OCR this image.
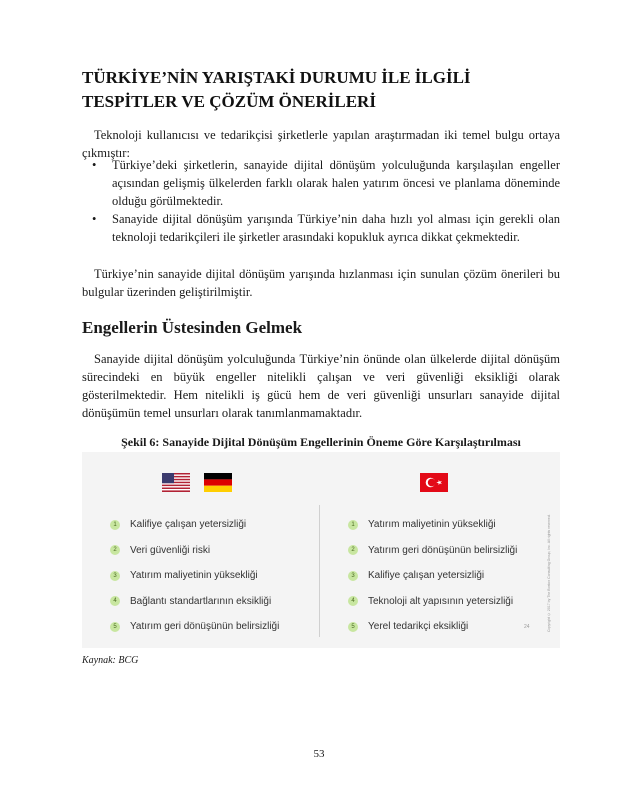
TÜRKİYE’NİN YARIŞTAKİ DURUMU İLE İLGİLİ
TESPİTLER VE ÇÖZÜM ÖNERİLERİ

Teknoloji kullanıcısı ve tedarikçisi şirketlerle yapılan araştırmadan iki temel bulgu ortaya çıkmıştır:

• Türkiye’deki şirketlerin, sanayide dijital dönüşüm yolculuğunda karşılaşılan engeller açısından gelişmiş ülkelerden farklı olarak halen yatırım öncesi ve planlama döneminde olduğu görülmektedir.
• Sanayide dijital dönüşüm yarışında Türkiye’nin daha hızlı yol alması için gerekli olan teknoloji tedarikçileri ile şirketler arasındaki kopukluk ayrıca dikkat çekmektedir.

Türkiye’nin sanayide dijital dönüşüm yarışında hızlanması için sunulan çözüm önerileri bu bulgular üzerinden geliştirilmiştir.

Engellerin Üstesinden Gelmek

Sanayide dijital dönüşüm yolculuğunda Türkiye’nin önünde olan ülkelerde dijital dönüşüm sürecindeki en büyük engeller nitelikli çalışan ve veri güvenliği eksikliği olarak gösterilmektedir. Hem nitelikli iş gücü hem de veri güvenliği unsurları sanayide dijital dönüşümün temel unsurları olarak tanımlanmamaktadır.

Şekil 6: Sanayide Dijital Dönüşüm Engellerinin Öneme Göre Karşılaştırılması
1	Kalifiye çalışan yetersizliği
2	Veri güvenliği riski
3	Yatırım maliyetinin yüksekliği
4	Bağlantı standartlarının eksikliği
5	Yatırım geri dönüşünün belirsizliği
1	Yatırım maliyetinin yüksekliği
2	Yatırım geri dönüşünün belirsizliği
3	Kalifiye çalışan yetersizliği
4	Teknoloji alt yapısının yetersizliği
5	Yerel tedarikçi eksikliği	Copyright © 2017 by The Boston Consulting Group, Inc. All rights reserved.
24
Kaynak: BCG
53
